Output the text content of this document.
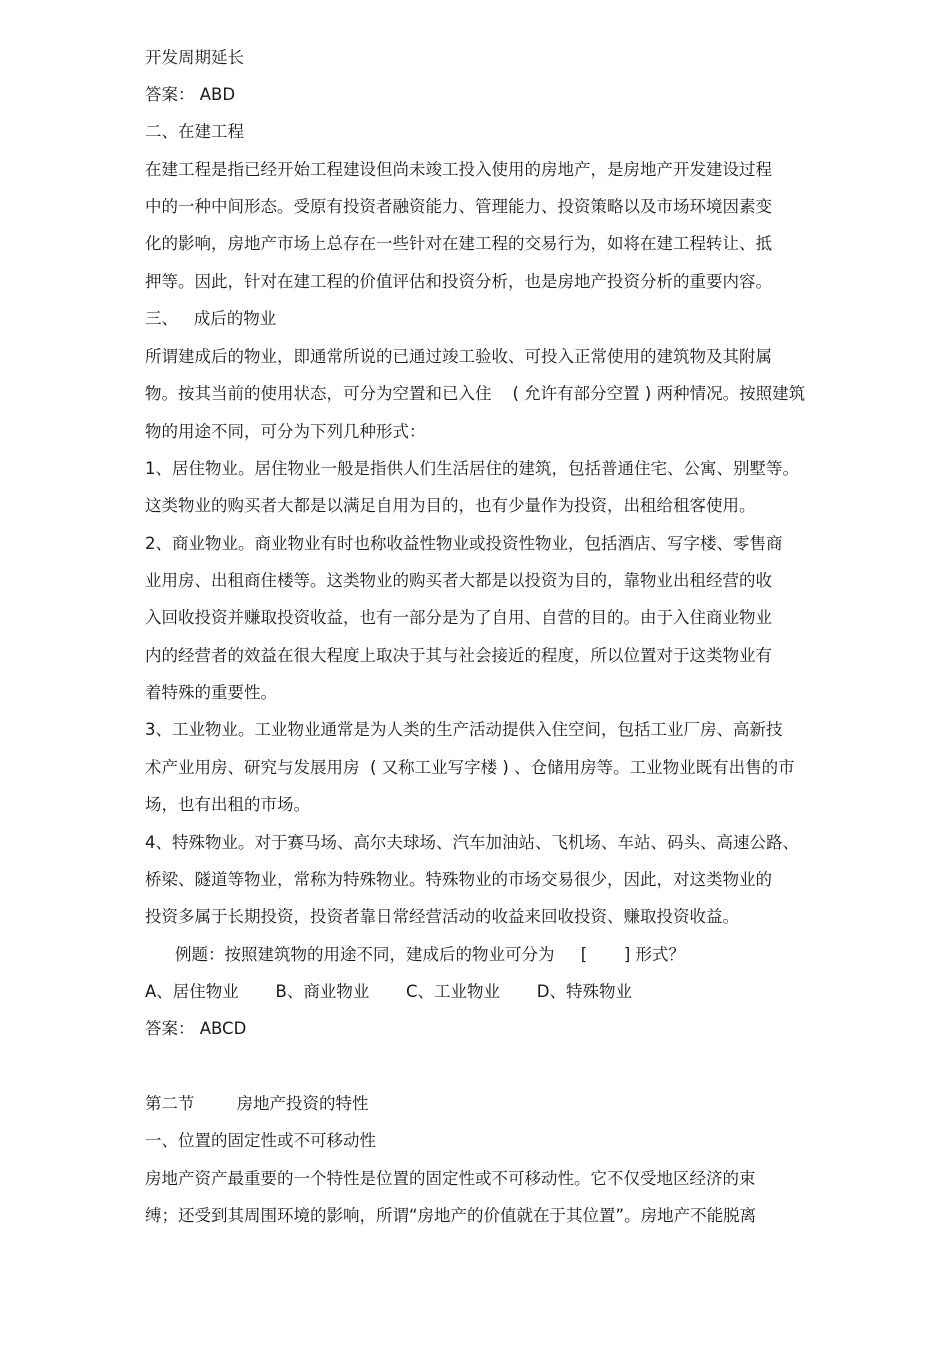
开发周期延长
答案： ABD
二、在建工程
在建工程是指已经开始工程建设但尚未竣工投入使用的房地产，是房地产开发建设过程
中的一种中间形态。受原有投资者融资能力、管理能力、投资策略以及市场环境因素变
化的影响，房地产市场上总存在一些针对在建工程的交易行为，如将在建工程转让、抵
押等。因此，针对在建工程的价值评估和投资分析，也是房地产投资分析的重要内容。
三、   成后的物业
所谓建成后的物业，即通常所说的已通过竣工验收、可投入正常使用的建筑物及其附属
物。按其当前的使用状态，可分为空置和已入住    ( 允许有部分空置 ) 两种情况。按照建筑
物的用途不同，可分为下列几种形式：
1、居住物业。居住物业一般是指供人们生活居住的建筑，包括普通住宅、公寓、别墅等。
这类物业的购买者大都是以满足自用为目的，也有少量作为投资，出租给租客使用。
2、商业物业。商业物业有时也称收益性物业或投资性物业，包括酒店、写字楼、零售商
业用房、出租商住楼等。这类物业的购买者大都是以投资为目的，靠物业出租经营的收
入回收投资并赚取投资收益，也有一部分是为了自用、自营的目的。由于入住商业物业
内的经营者的效益在很大程度上取决于其与社会接近的程度，所以位置对于这类物业有
着特殊的重要性。
3、工业物业。工业物业通常是为人类的生产活动提供入住空间，包括工业厂房、高新技
术产业用房、研究与发展用房  ( 又称工业写字楼 ) 、仓储用房等。工业物业既有出售的市
场，也有出租的市场。
4、特殊物业。对于赛马场、高尔夫球场、汽车加油站、飞机场、车站、码头、高速公路、
桥梁、隧道等物业，常称为特殊物业。特殊物业的市场交易很少，因此，对这类物业的
投资多属于长期投资，投资者靠日常经营活动的收益来回收投资、赚取投资收益。
例题：按照建筑物的用途不同，建成后的物业可分为     [       ] 形式？
A、居住物业       B、商业物业       C、工业物业       D、特殊物业
答案： ABCD
第二节        房地产投资的特性
一、位置的固定性或不可移动性
房地产资产最重要的一个特性是位置的固定性或不可移动性。它不仅受地区经济的束
缚；还受到其周围环境的影响，所谓“房地产的价值就在于其位置”。房地产不能脱离
